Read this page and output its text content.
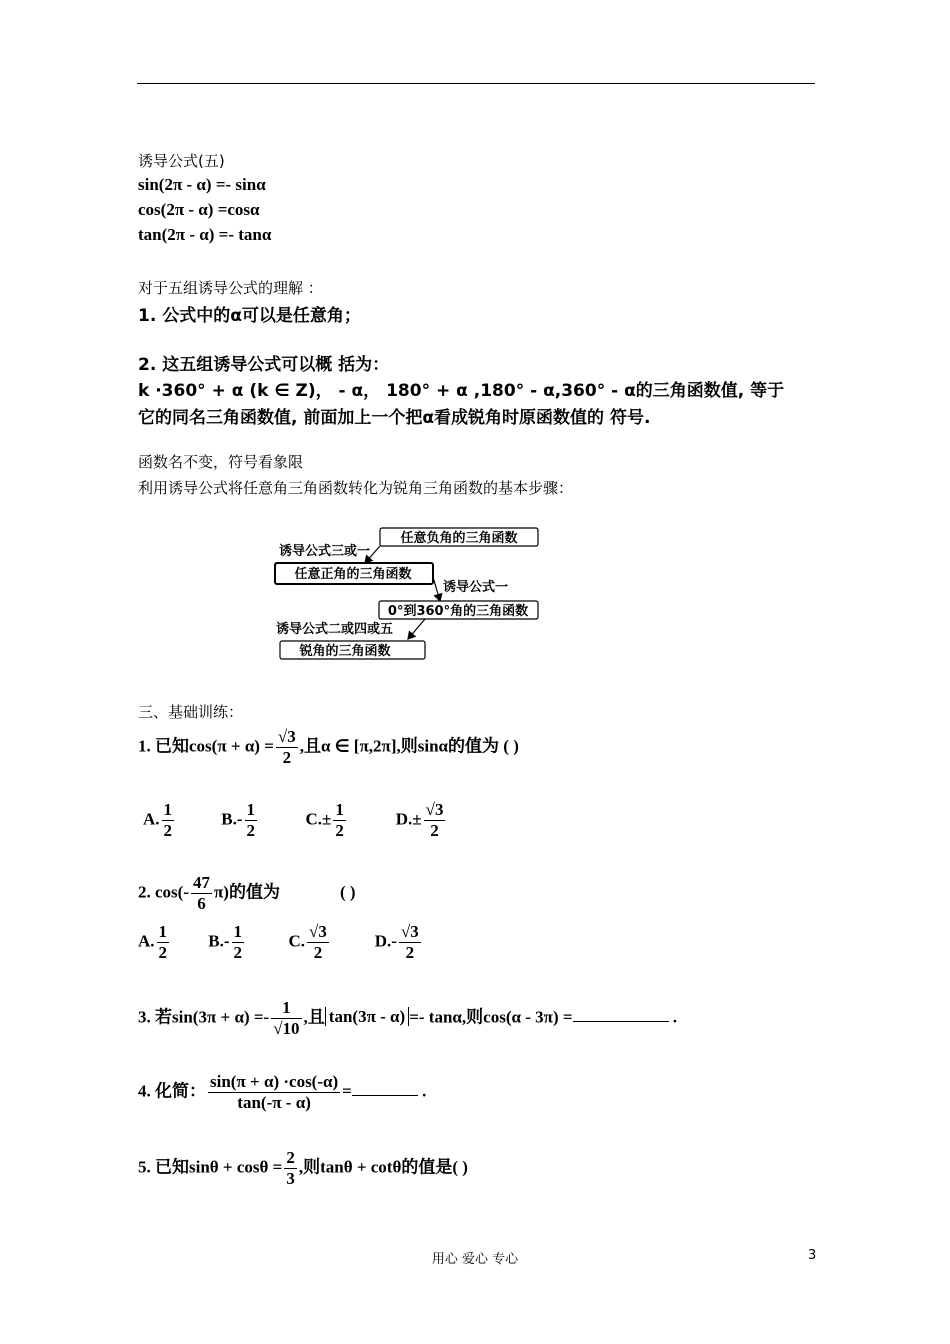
诱导公式(五)
sin(2π - α) =- sinα
cos(2π - α) =cosα
tan(2π - α) =- tanα
对于五组诱导公式的理解 ：
1. 公式中的α可以是任意角；
2. 这五组诱导公式可以概 括为：
k ·360° + α (k ∈ Z)， - α， 180° + α ,180° - α,360° - α的三角函数值, 等于
它的同名三角函数值, 前面加上一个把α看成锐角时原函数值的 符号.
函数名不变，符号看象限
利用诱导公式将任意角三角函数转化为锐角三角函数的基本步骤：
任意负角的三角函数
诱导公式三或一
任意正角的三角函数
诱导公式一
0°到360°角的三角函数
诱导公式二或四或五
锐角的三角函数
三、基础训练：
1. 已知$\cos(\pi + \alpha) = \frac{√3}{2}$ ,且α ∈ [π,2π],则sinα的值为 ( )
A. $\frac{1}{2}$	$B.- \frac{1}{2}$	$C.\pm \frac{1}{2}$	$D.\pm \frac{√3}{2}$
2. $\cos(- \frac{47}{6} \pi)$的值为	( )
A. $\frac{1}{2} B.- \frac{1}{2}$	C. $\frac{√3}{2}$	$D.- \frac{√3}{2}$
3. 若$\sin(3\pi + \alpha) =- \frac{1}{√10}$ ,且 tan(3π - α) =- tanα,则cos(α - 3π) =	.
4. 化简： $\frac{\sin(\pi + \alpha) \cdot\cos(-\alpha)}{\tan(-\pi - \alpha)}$ =	.
5. 已知$\sin\theta + \cos\theta = \frac{2}{3}$ ,则tanθ + cotθ的值是( )
用心 爱心 专心	3
